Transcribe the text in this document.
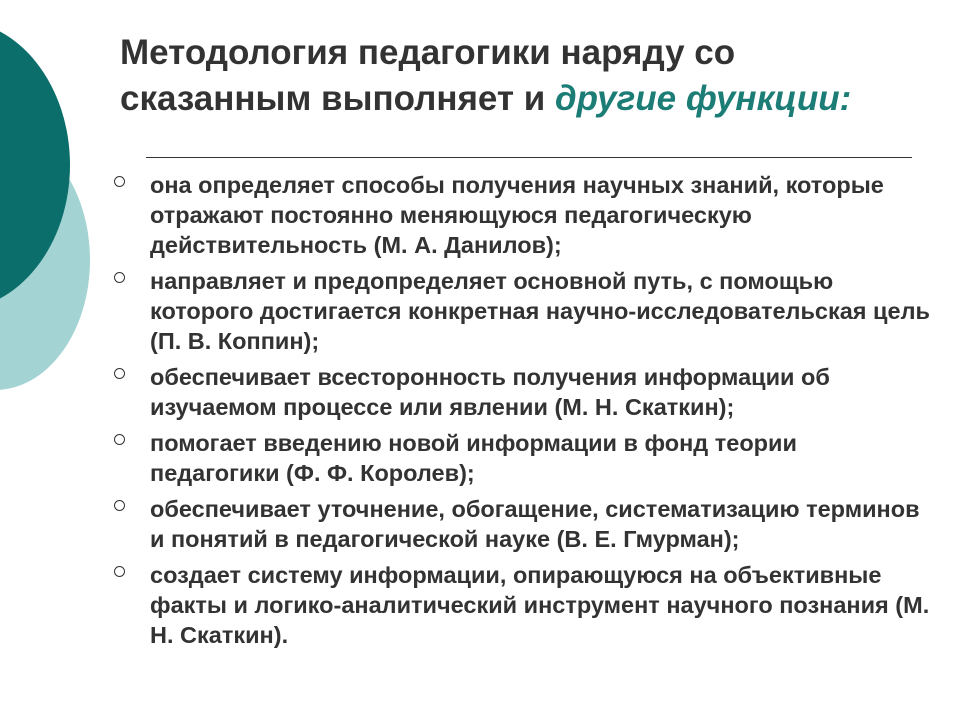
Методология педагогики наряду со
сказанным выполняет и другие функции:
она определяет способы получения научных знаний, которые отражают постоянно меняющуюся педагогическую действительность (М. А. Данилов);
направляет и предопределяет основной путь, с помощью которого достигается конкретная научно-исследовательская цель (П. В. Коппин);
обеспечивает всесторонность получения информации об изучаемом процессе или явлении (М. Н. Скаткин);
помогает введению новой информации в фонд теории педагогики (Ф. Ф. Королев);
обеспечивает уточнение, обогащение, систематизацию терминов и понятий в педагогической науке (В. Е. Гмурман);
создает систему информации, опирающуюся на объективные факты и логико-аналитический инструмент научного познания (М. Н. Скаткин).
